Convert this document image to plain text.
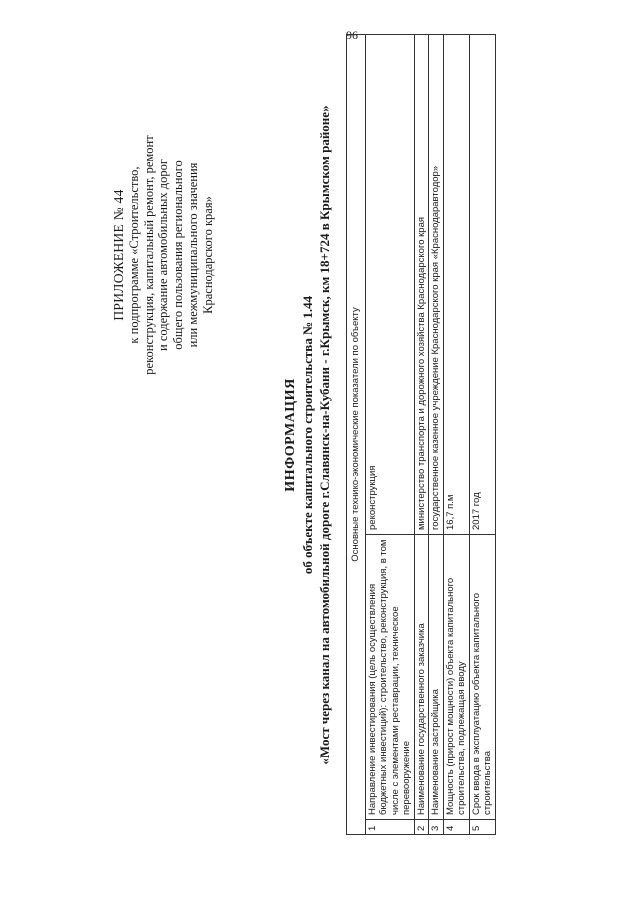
96
ПРИЛОЖЕНИЕ № 44 к подпрограмме «Строительство, реконструкция, капитальный ремонт, ремонт и содержание автомобильных дорог общего пользования регионального или межмуниципального значения Краснодарского края»
ИНФОРМАЦИЯ об объекте капитального строительства № 1.44 «Мост через канал на автомобильной дороге г.Славянск-на-Кубани - г.Крымск, км 18+724 в Крымском районе» Основные технико-экономические показатели по объекту		
1	Направление инвестирования (цель осуществления бюджетных инвестиций): строительство, реконструкция, в том числе с элементами реставрации, техническое перевооружение	реконструкция
2	Наименование государственного заказчика	министерство транспорта и дорожного хозяйства Краснодарского края
3	Наименование застройщика	государственное казенное учреждение Краснодарского края «Краснодаравтодор»
4	Мощность (прирост мощности) объекта капитального строительства, подлежащая вводу	16,7 п.м
5	Срок ввода в эксплуатацию объекта капитального строительства	2017 год
